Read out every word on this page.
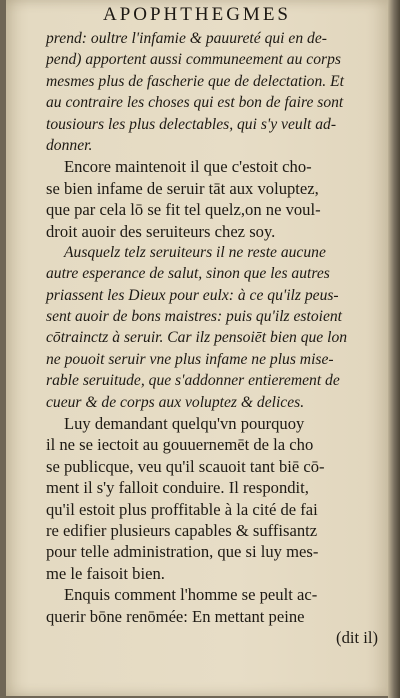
APOPHTHEGMES
prend: oultre l'infamie & pauureté qui en de-
pend) apportent aussi communeement au corps
mesmes plus de fascherie que de delectation. Et
au contraire les choses qui est bon de faire sont
tousiours les plus delectables, qui s'y veult ad-
donner.
Encore maintenoit il que c'estoit cho-
se bien infame de seruir tāt aux voluptez,
que par cela lō se fit tel quelz,on ne voul-
droit auoir des seruiteurs chez soy.
Ausquelz telz seruiteurs il ne reste aucune
autre esperance de salut, sinon que les autres
priassent les Dieux pour eulx: à ce qu'ilz peus-
sent auoir de bons maistres: puis qu'ilz estoient
cōtrainctz à seruir. Car ilz pensoiēt bien que lon
ne pouoit seruir vne plus infame ne plus mise-
rable seruitude, que s'addonner entierement de
cueur & de corps aux voluptez & delices.
Luy demandant quelqu'vn pourquoy
il ne se iectoit au gouuernemēt de la cho
se publicque, veu qu'il scauoit tant biē cō-
ment il s'y falloit conduire. Il respondit,
qu'il estoit plus proffitable à la cité de fai
re edifier plusieurs capables & suffisantz
pour telle administration, que si luy mes-
me le faisoit bien.
Enquis comment l'homme se peult ac-
querir bōne renōmée: En mettant peine
(dit il)
